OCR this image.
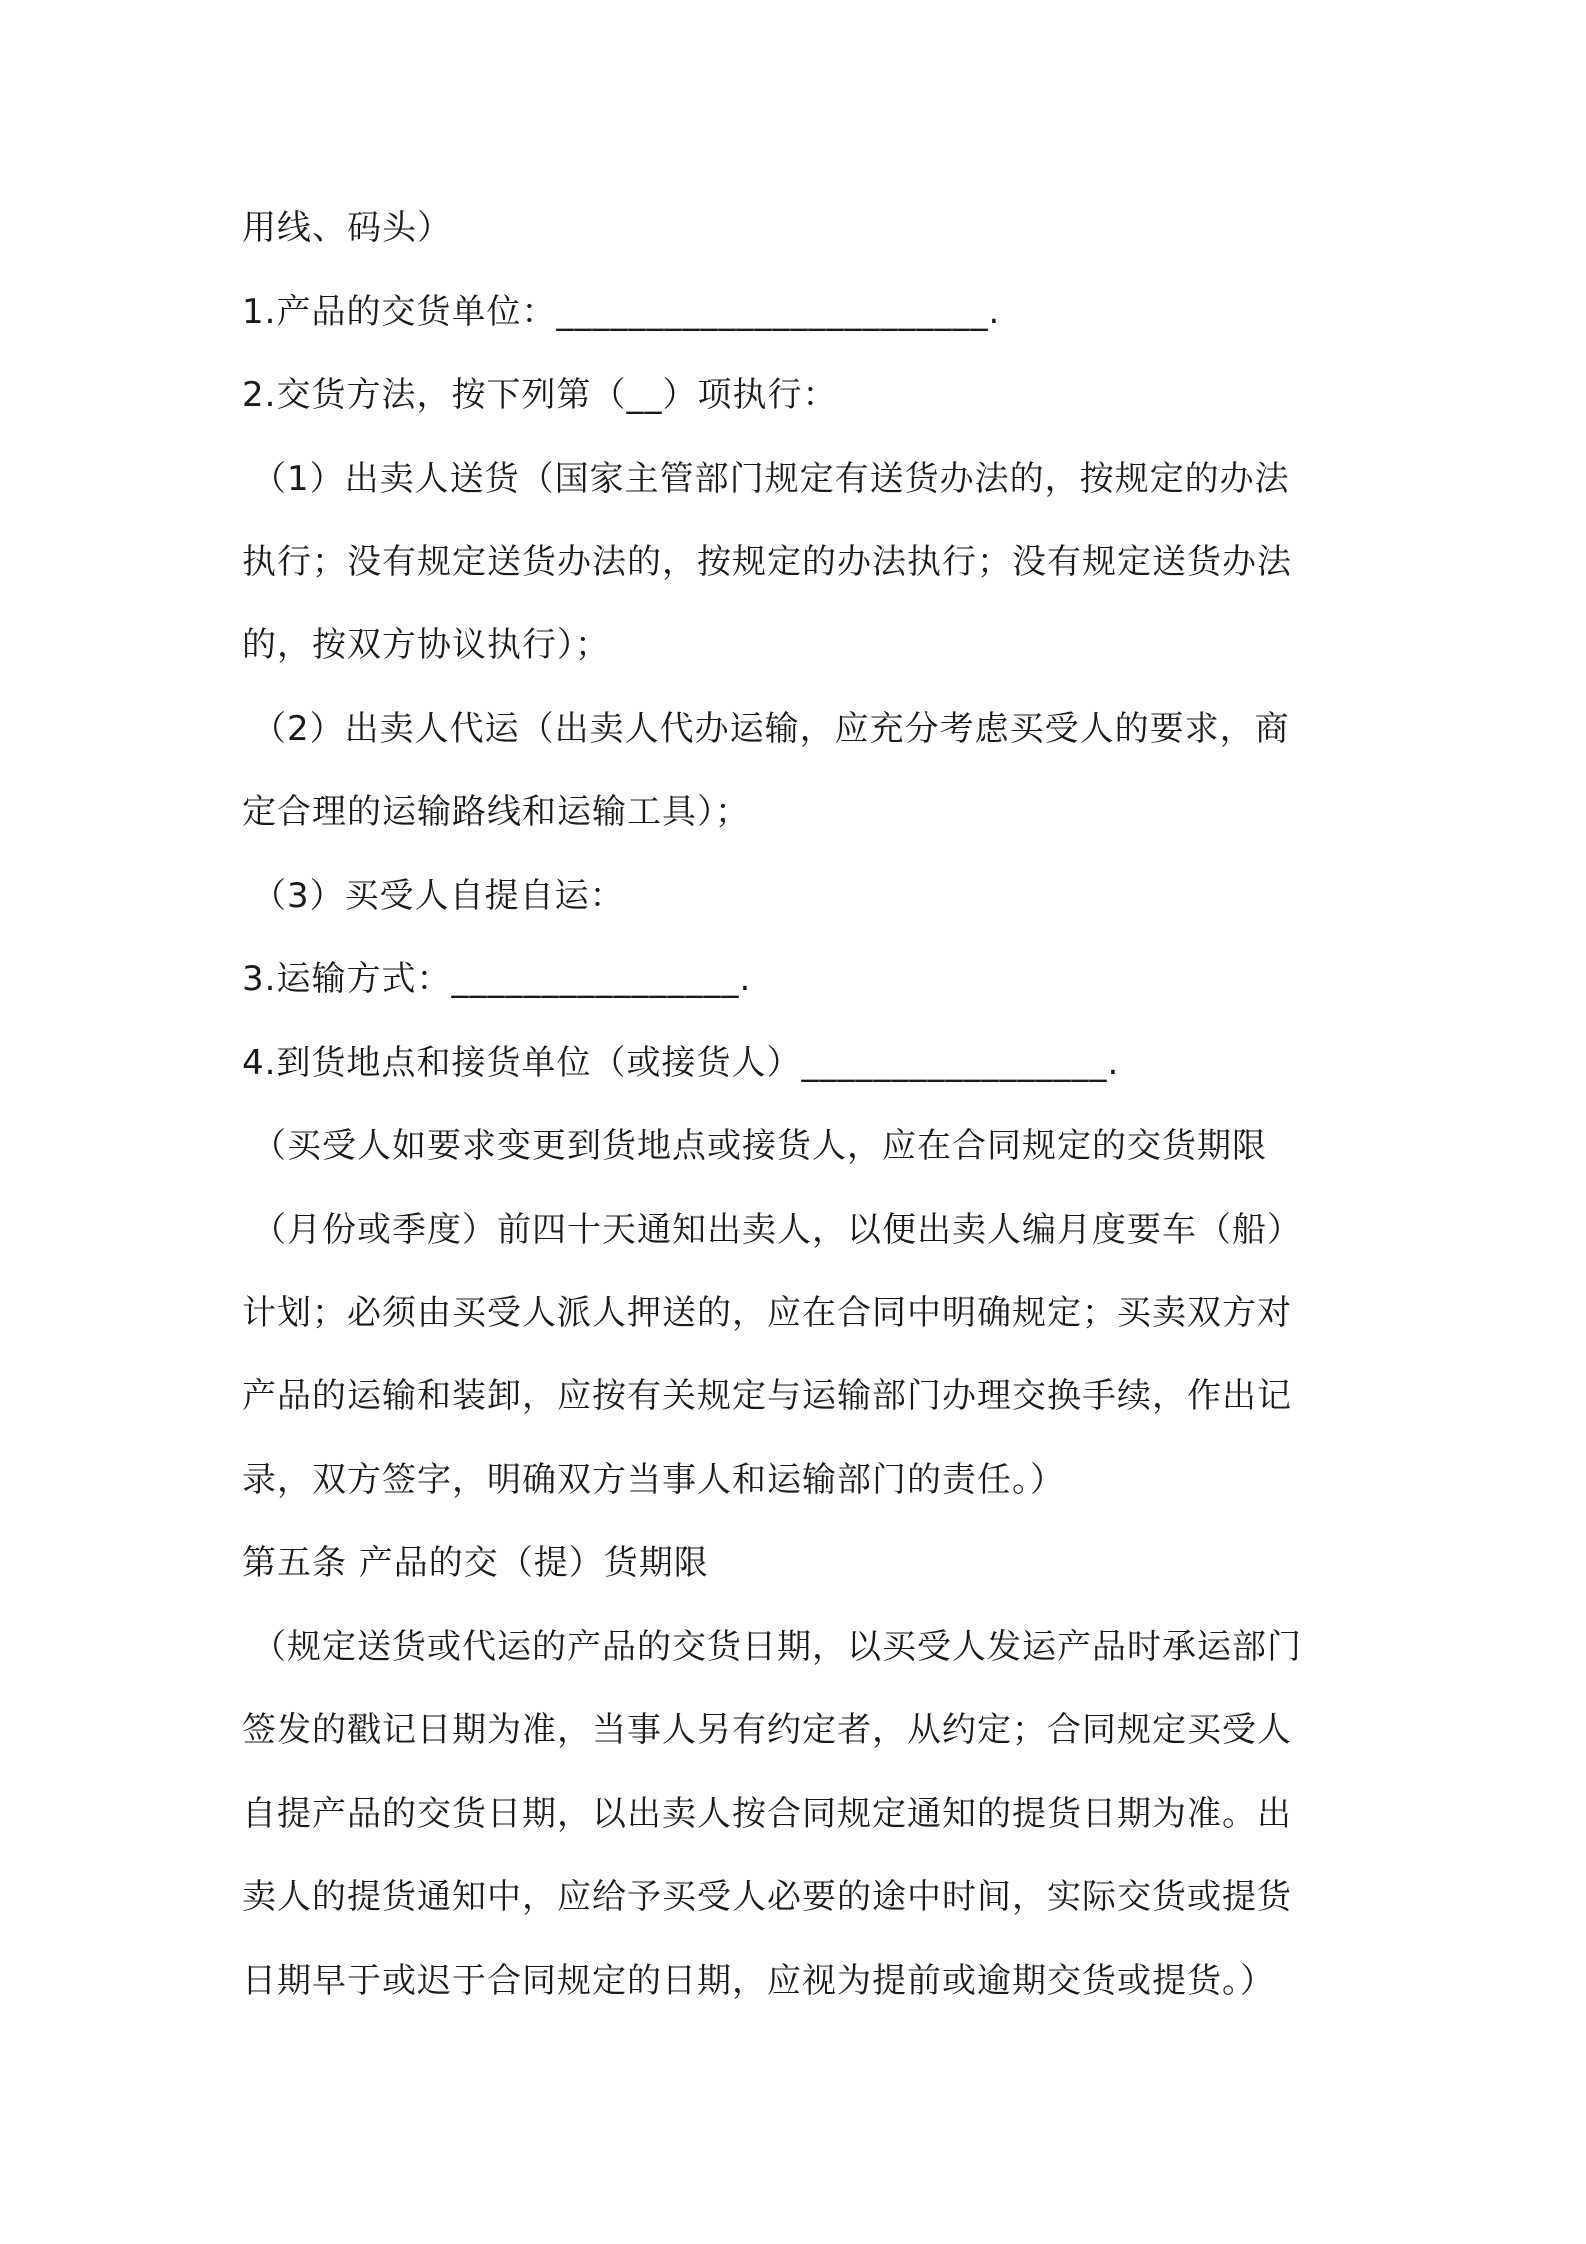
用线、码头）

1.产品的交货单位：________________________.

2.交货方法，按下列第（__）项执行：

（1）出卖人送货（国家主管部门规定有送货办法的，按规定的办法

执行；没有规定送货办法的，按规定的办法执行；没有规定送货办法

的，按双方协议执行）；

（2）出卖人代运（出卖人代办运输，应充分考虑买受人的要求，商

定合理的运输路线和运输工具）；

（3）买受人自提自运：

3.运输方式：________________.

4.到货地点和接货单位（或接货人）_________________.

（买受人如要求变更到货地点或接货人，应在合同规定的交货期限

（月份或季度）前四十天通知出卖人，以便出卖人编月度要车（船）

计划；必须由买受人派人押送的，应在合同中明确规定；买卖双方对

产品的运输和装卸，应按有关规定与运输部门办理交换手续，作出记

录，双方签字，明确双方当事人和运输部门的责任。）

第五条 产品的交（提）货期限

（规定送货或代运的产品的交货日期，以买受人发运产品时承运部门

签发的戳记日期为准，当事人另有约定者，从约定；合同规定买受人

自提产品的交货日期，以出卖人按合同规定通知的提货日期为准。出

卖人的提货通知中，应给予买受人必要的途中时间，实际交货或提货

日期早于或迟于合同规定的日期，应视为提前或逾期交货或提货。）
